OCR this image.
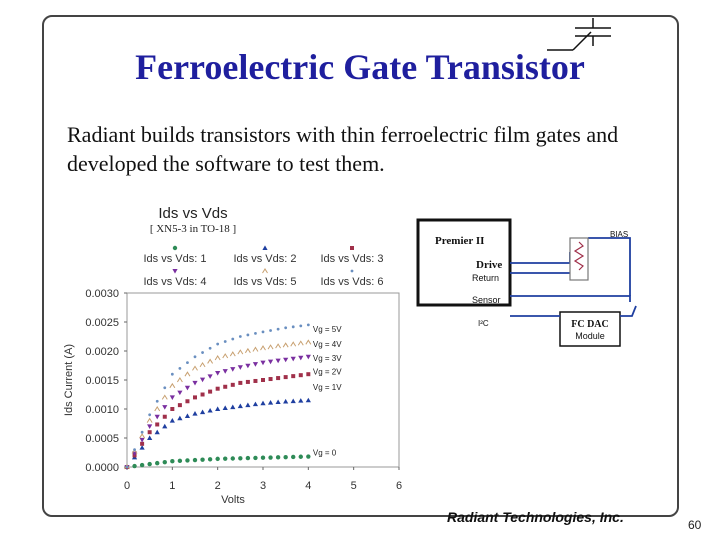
Ferroelectric Gate Transistor
Radiant builds transistors with thin ferroelectric film gates and developed the software to test them.
Ids vs Vds
[ XN5-3 in TO-18 ]
0.0000
0.0005
0.0010
0.0015
0.0020
0.0025
0.0030
0	1	2	3	4	5	6
Volts
Ids Current (A)
Ids vs Vds: 1 Ids vs Vds: 2 Ids vs Vds: 3
Ids vs Vds: 4 Ids vs Vds: 5 Ids vs Vds: 6
Vg = 5V
Vg = 4V
Vg = 3V
Vg = 2V
Vg = 1V
Vg = 0
Premier II
Drive
Return
Sensor
BIAS
I²C	FC DAC
Module
Radiant Technologies, Inc.	60
